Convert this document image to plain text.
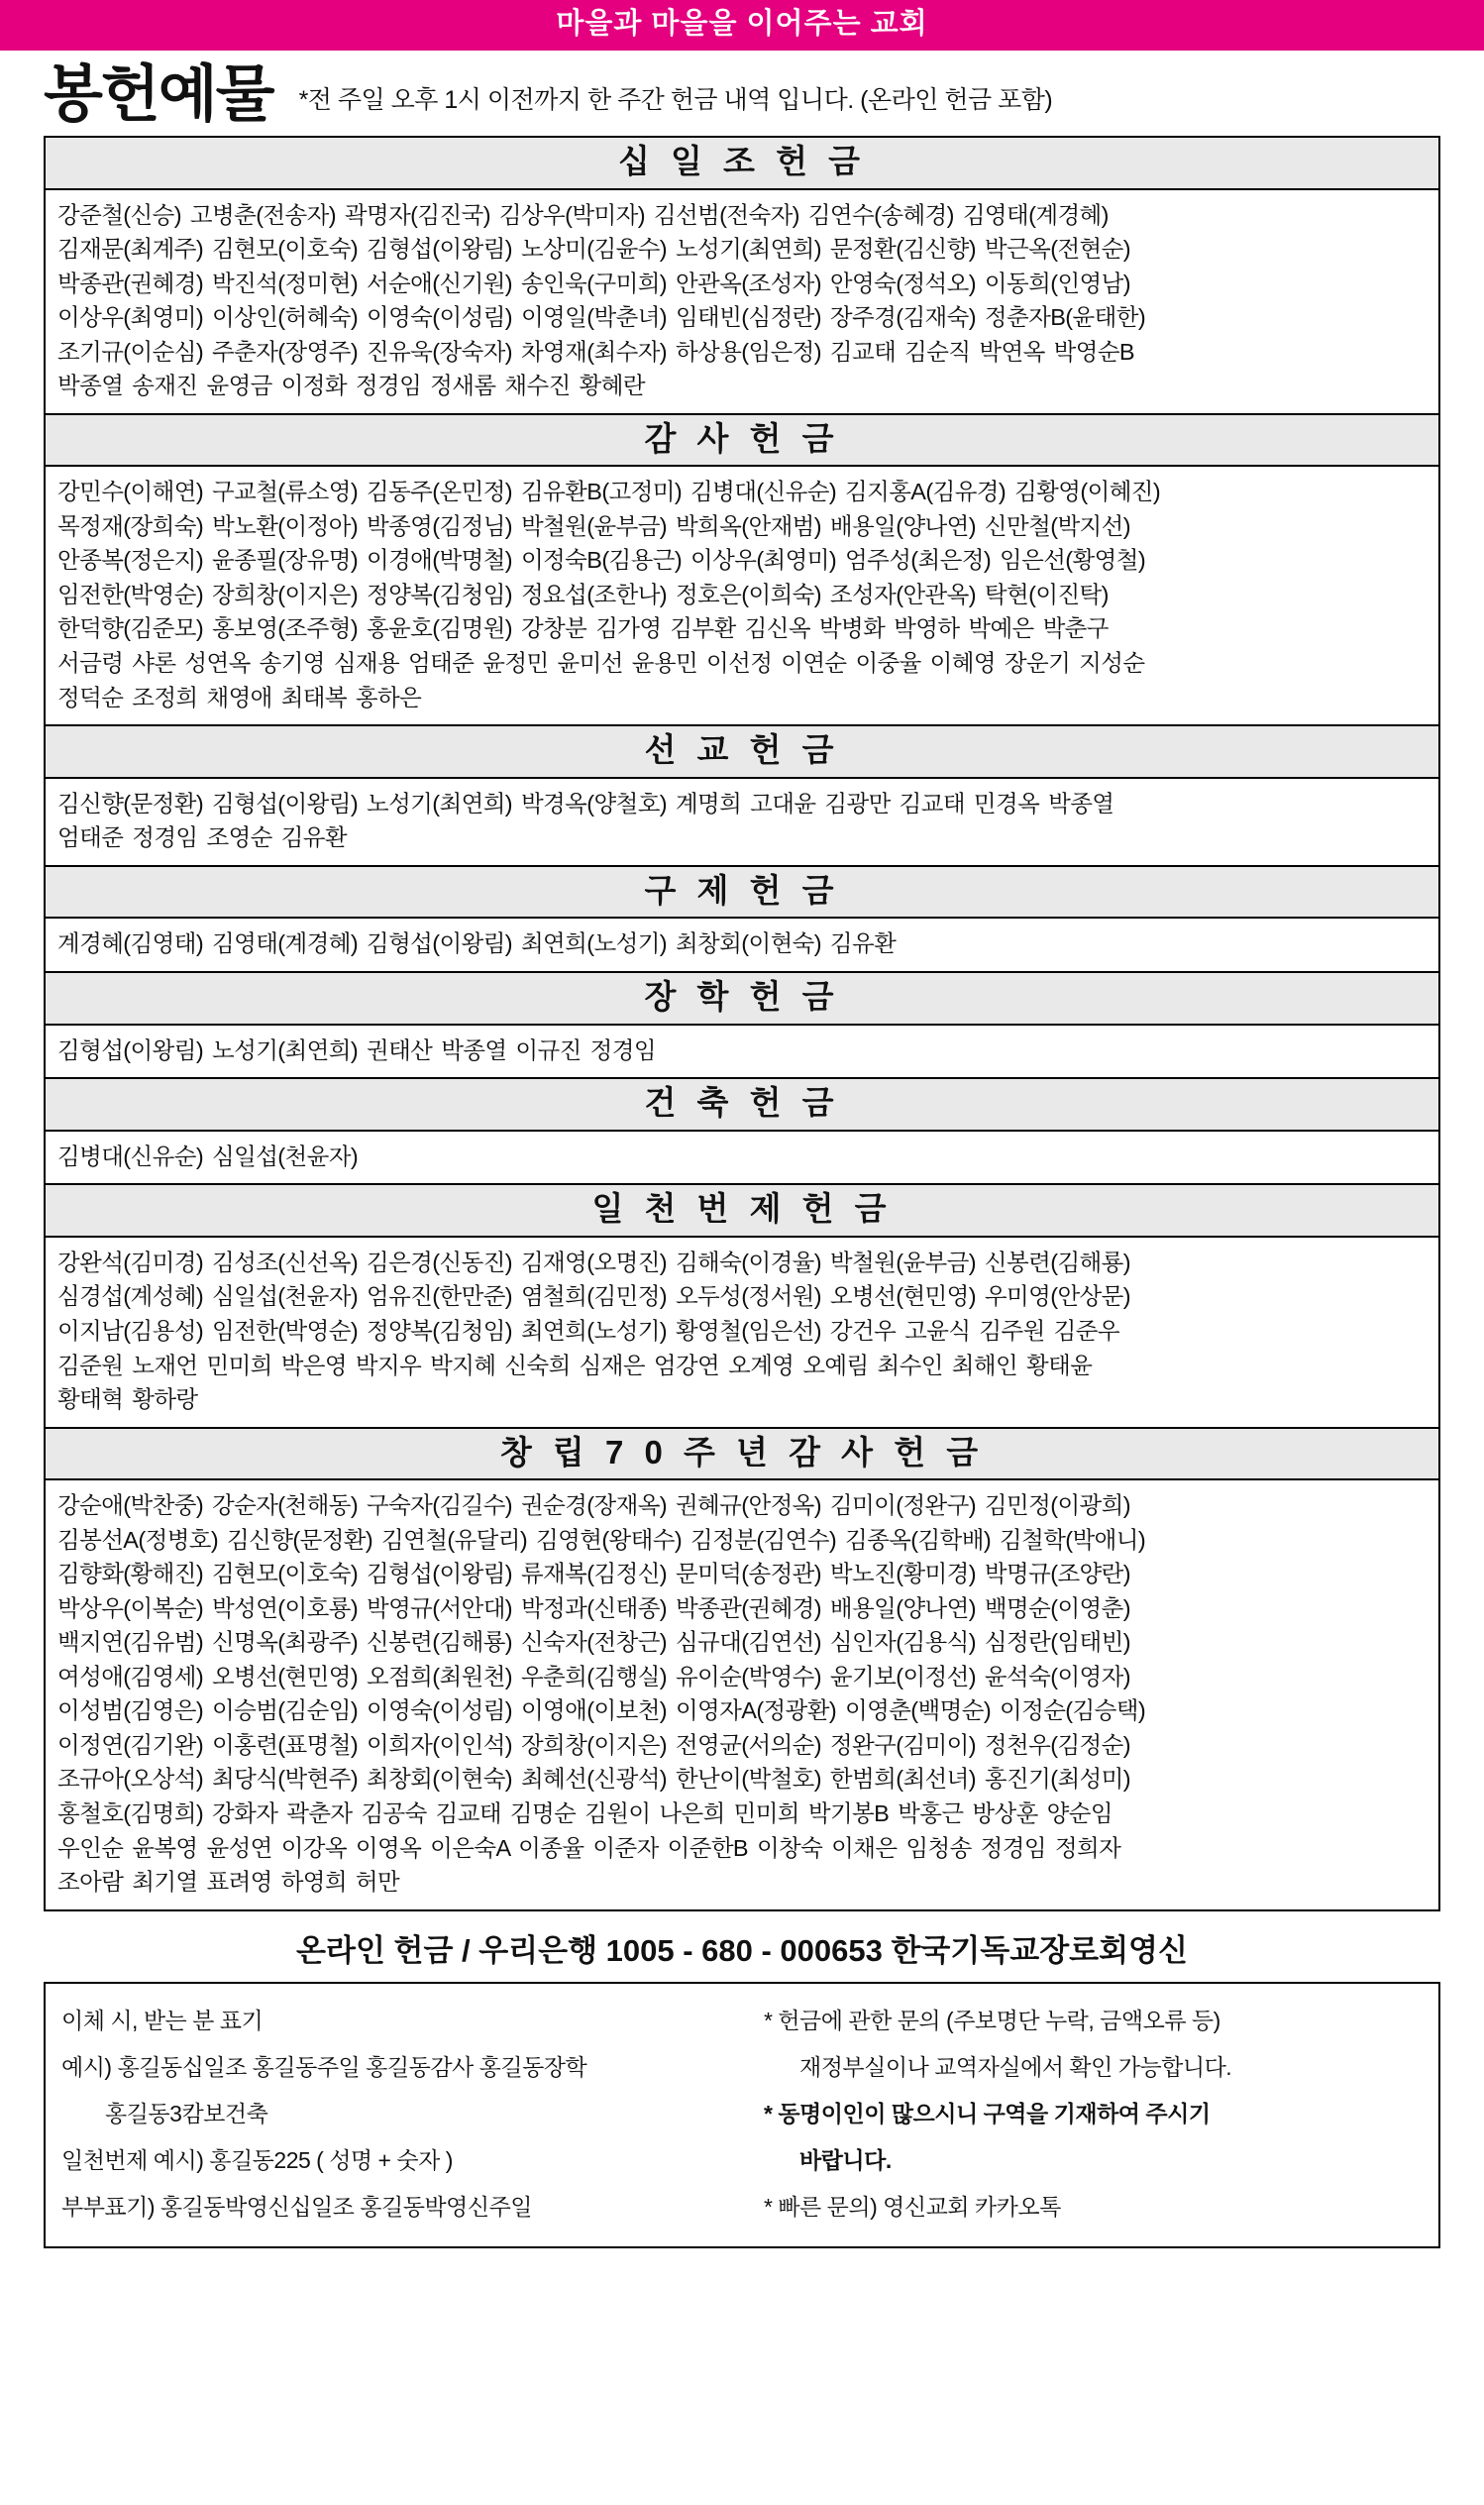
마을과 마을을 이어주는 교회
봉헌예물 *전 주일 오후 1시 이전까지 한 주간 헌금 내역 입니다. (온라인 헌금 포함)
십 일 조 헌 금
강준철(신승) 고병춘(전송자) 곽명자(김진국) 김상우(박미자) 김선범(전숙자) 김연수(송혜경) 김영태(계경혜)
김재문(최계주) 김현모(이호숙) 김형섭(이왕림) 노상미(김윤수) 노성기(최연희) 문정환(김신향) 박근옥(전현순)
박종관(권혜경) 박진석(정미현) 서순애(신기원) 송인욱(구미희) 안관옥(조성자) 안영숙(정석오) 이동희(인영남)
이상우(최영미) 이상인(허혜숙) 이영숙(이성림) 이영일(박춘녀) 임태빈(심정란) 장주경(김재숙) 정춘자B(윤태한)
조기규(이순심) 주춘자(장영주) 진유욱(장숙자) 차영재(최수자) 하상용(임은정) 김교태 김순직 박연옥 박영순B
박종열 송재진 윤영금 이정화 정경임 정새롬 채수진 황혜란
감 사 헌 금
강민수(이해연) 구교철(류소영) 김동주(온민정) 김유환B(고정미) 김병대(신유순) 김지홍A(김유경) 김황영(이혜진)
목정재(장희숙) 박노환(이정아) 박종영(김정님) 박철원(윤부금) 박희옥(안재범) 배용일(양나연) 신만철(박지선)
안종복(정은지) 윤종필(장유명) 이경애(박명철) 이정숙B(김용근) 이상우(최영미) 엄주성(최은정) 임은선(황영철)
임전한(박영순) 장희창(이지은) 정양복(김청임) 정요섭(조한나) 정호은(이희숙) 조성자(안관옥) 탁현(이진탁)
한덕향(김준모) 홍보영(조주형) 홍윤호(김명원) 강창분 김가영 김부환 김신옥 박병화 박영하 박예은 박춘구
서금령 샤론 성연옥 송기영 심재용 엄태준 윤정민 윤미선 윤용민 이선정 이연순 이중율 이혜영 장운기 지성순
정덕순 조정희 채영애 최태복 홍하은
선 교 헌 금
김신향(문정환) 김형섭(이왕림) 노성기(최연희) 박경옥(양철호) 계명희 고대윤 김광만 김교태 민경옥 박종열
엄태준 정경임 조영순 김유환
구 제 헌 금
계경혜(김영태) 김영태(계경혜) 김형섭(이왕림) 최연희(노성기) 최창회(이현숙) 김유환
장 학 헌 금
김형섭(이왕림) 노성기(최연희) 권태산 박종열 이규진 정경임
건 축 헌 금
김병대(신유순) 심일섭(천윤자)
일 천 번 제 헌 금
강완석(김미경) 김성조(신선옥) 김은경(신동진) 김재영(오명진) 김해숙(이경율) 박철원(윤부금) 신봉련(김해룡)
심경섭(계성혜) 심일섭(천윤자) 엄유진(한만준) 염철희(김민정) 오두성(정서원) 오병선(현민영) 우미영(안상문)
이지남(김용성) 임전한(박영순) 정양복(김청임) 최연희(노성기) 황영철(임은선) 강건우 고윤식 김주원 김준우
김준원 노재언 민미희 박은영 박지우 박지혜 신숙희 심재은 엄강연 오계영 오예림 최수인 최해인 황태윤
황태혁 황하랑
창 립 7 0 주 년 감 사 헌 금
강순애(박찬중) 강순자(천해동) 구숙자(김길수) 권순경(장재옥) 권혜규(안정옥) 김미이(정완구) 김민정(이광희)
김봉선A(정병호) 김신향(문정환) 김연철(유달리) 김영현(왕태수) 김정분(김연수) 김종옥(김학배) 김철학(박애니)
김향화(황해진) 김현모(이호숙) 김형섭(이왕림) 류재복(김정신) 문미덕(송정관) 박노진(황미경) 박명규(조양란)
박상우(이복순) 박성연(이호룡) 박영규(서안대) 박정과(신태종) 박종관(권혜경) 배용일(양나연) 백명순(이영춘)
백지연(김유범) 신명옥(최광주) 신봉련(김해룡) 신숙자(전창근) 심규대(김연선) 심인자(김용식) 심정란(임태빈)
여성애(김영세) 오병선(현민영) 오점희(최원천) 우춘희(김행실) 유이순(박영수) 윤기보(이정선) 윤석숙(이영자)
이성범(김영은) 이승범(김순임) 이영숙(이성림) 이영애(이보천) 이영자A(정광환) 이영춘(백명순) 이정순(김승택)
이정연(김기완) 이홍련(표명철) 이희자(이인석) 장희창(이지은) 전영균(서의순) 정완구(김미이) 정천우(김정순)
조규아(오상석) 최당식(박현주) 최창회(이현숙) 최혜선(신광석) 한난이(박철호) 한범희(최선녀) 홍진기(최성미)
홍철호(김명희) 강화자 곽춘자 김공숙 김교태 김명순 김원이 나은희 민미희 박기봉B 박홍근 방상훈 양순임
우인순 윤복영 윤성연 이강옥 이영옥 이은숙A 이종율 이준자 이준한B 이창숙 이채은 임청송 정경임 정희자
조아람 최기열 표려영 하영희 허만
온라인 헌금 / 우리은행 1005 - 680 - 000653 한국기독교장로회영신
이체 시, 받는 분 표기
예시) 홍길동십일조 홍길동주일 홍길동감사 홍길동장학
홍길동3캄보건축
일천번제 예시) 홍길동225 ( 성명 + 숫자 )
부부표기) 홍길동박영신십일조 홍길동박영신주일
* 헌금에 관한 문의 (주보명단 누락, 금액오류 등)
재정부실이나 교역자실에서 확인 가능합니다.
* 동명이인이 많으시니 구역을 기재하여 주시기
바랍니다.
* 빠른 문의) 영신교회 카카오톡
